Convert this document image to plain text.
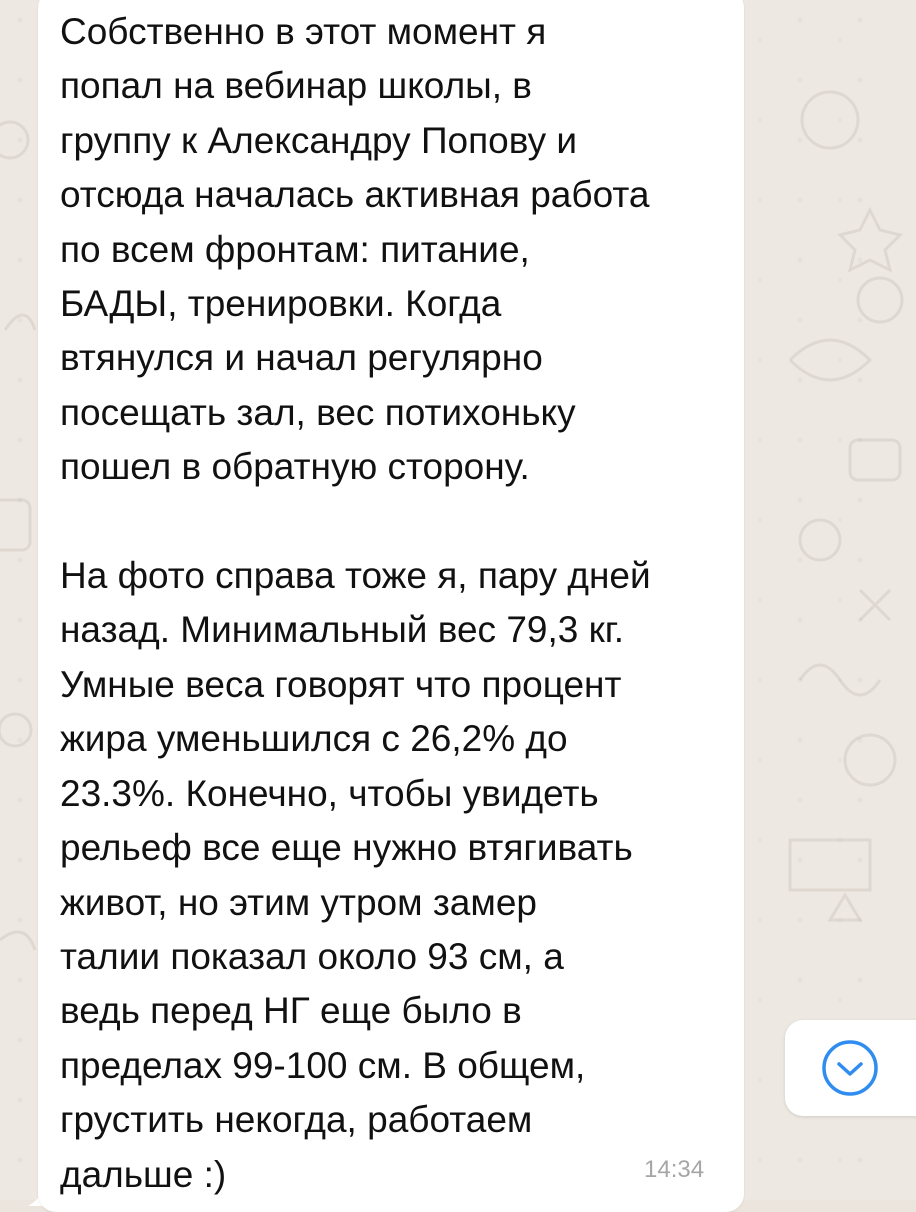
Собственно в этот момент я
попал на вебинар школы, в
группу к Александру Попову и
отсюда началась активная работа
по всем фронтам: питание,
БАДЫ, тренировки. Когда
втянулся и начал регулярно
посещать зал, вес потихоньку
пошел в обратную сторону.

На фото справа тоже я, пару дней
назад. Минимальный вес 79,3 кг.
Умные веса говорят что процент
жира уменьшился с 26,2% до
23.3%. Конечно, чтобы увидеть
рельеф все еще нужно втягивать
живот, но этим утром замер
талии показал около 93 см, а
ведь перед НГ еще было в
пределах 99-100 см. В общем,
грустить некогда, работаем
дальше :)	14:34
